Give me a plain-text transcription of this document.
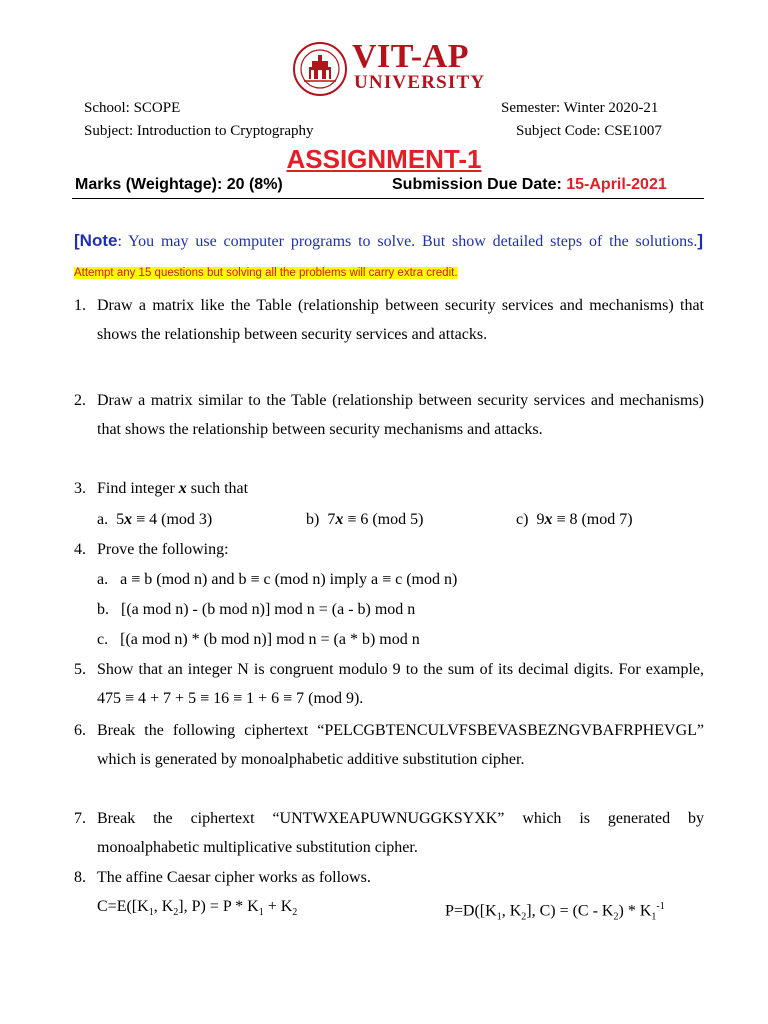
VIT-AP
UNIVERSITY
School: SCOPE	Semester: Winter 2020-21
Subject: Introduction to Cryptography	Subject Code: CSE1007
ASSIGNMENT-1
Marks (Weightage): 20 (8%)	Submission Due Date: 15-April-2021
[Note: You may use computer programs to solve. But show detailed steps of the solutions.] Attempt any 15 questions but solving all the problems will carry extra credit.
1. Draw a matrix like the Table (relationship between security services and mechanisms) that shows the relationship between security services and attacks.
2. Draw a matrix similar to the Table (relationship between security services and mechanisms) that shows the relationship between security mechanisms and attacks.
3. Find integer x such that
a. 5x ≡ 4 (mod 3)	b) 7x ≡ 6 (mod 5)	c) 9x ≡ 8 (mod 7)
4. Prove the following:
a. a ≡ b (mod n) and b ≡ c (mod n) imply a ≡ c (mod n)
b. [(a mod n) - (b mod n)] mod n = (a - b) mod n
c. [(a mod n) * (b mod n)] mod n = (a * b) mod n
5. Show that an integer N is congruent modulo 9 to the sum of its decimal digits. For example, 475 ≡ 4 + 7 + 5 ≡ 16 ≡ 1 + 6 ≡ 7 (mod 9).
6. Break the following ciphertext “PELCGBTENCULVFSBEVASBEZNGVBAFRPHEVGL” which is generated by monoalphabetic additive substitution cipher.
7. Break the ciphertext “UNTWXEAPUWNUGGKSYXK” which is generated by monoalphabetic multiplicative substitution cipher.
8. The affine Caesar cipher works as follows.
$C=E([K_1$, $K_2$], $P) = P * K_1 + K_2$	$P=D([K_1$, $K_2$], $C) = (C - K_2) * K_1^{-1}$
